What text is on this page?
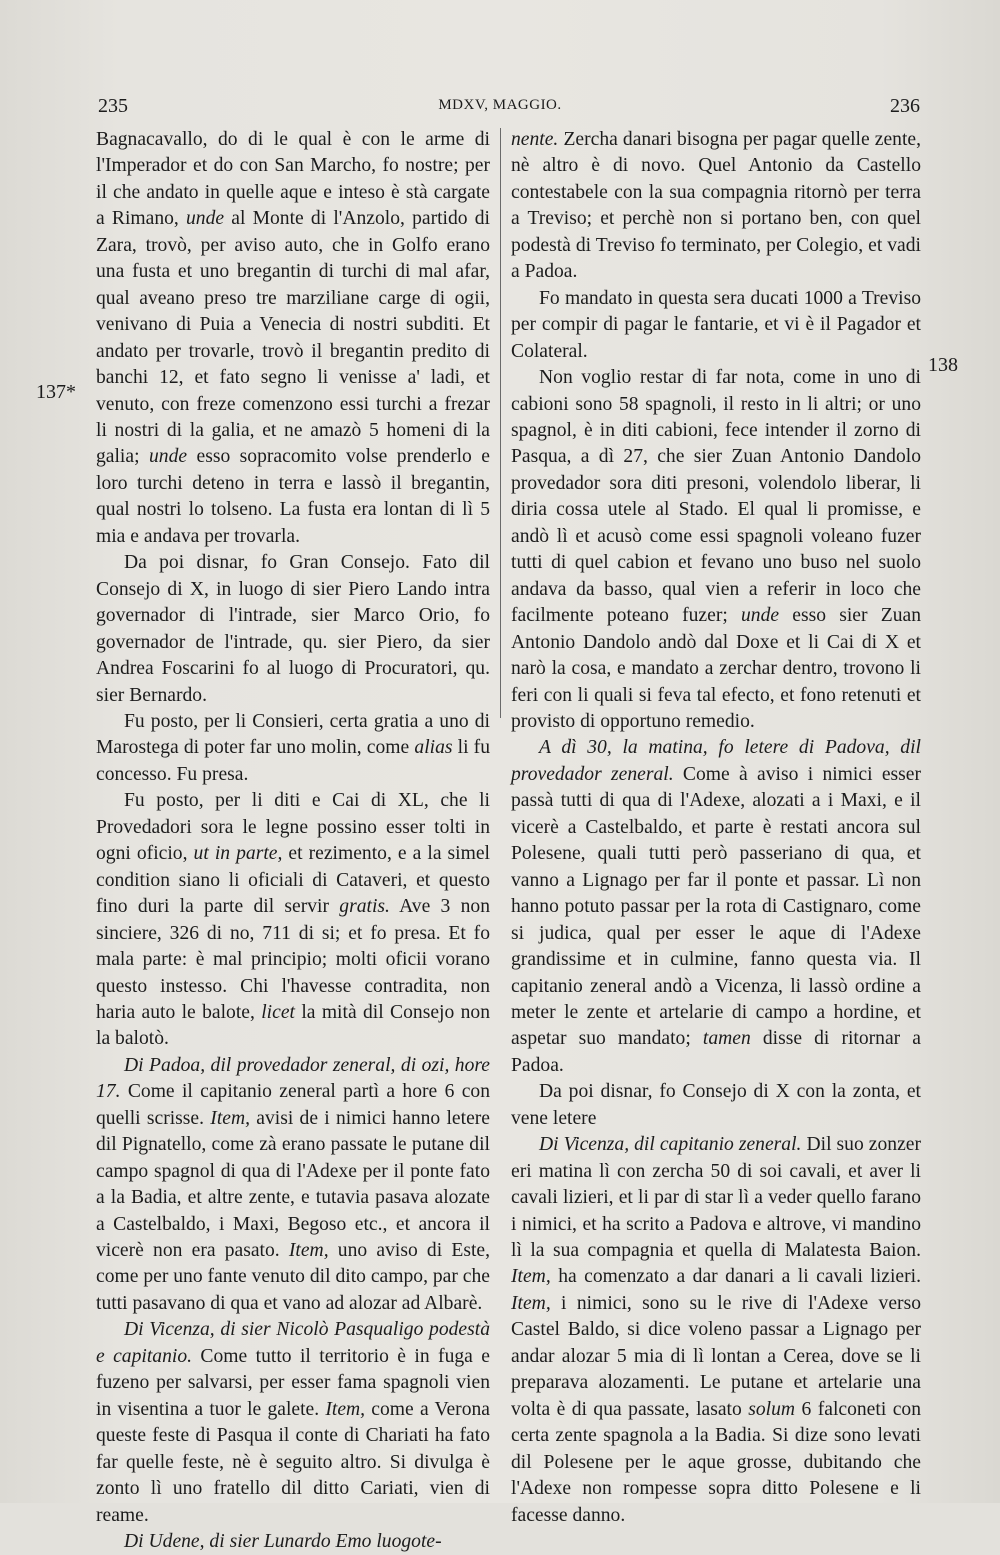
235	MDXV, MAGGIO.	236
137*
138

Bagnacavallo, do di le qual è con le arme di l'Imperador et do con San Marcho, fo nostre; per il che andato in quelle aque e inteso è stà cargate a Rimano, unde al Monte di l'Anzolo, partido di Zara, trovò, per aviso auto, che in Golfo erano una fusta et uno bregantin di turchi di mal afar, qual aveano preso tre marziliane carge di ogii, venivano di Puia a Venecia di nostri subditi. Et andato per trovarle, trovò il bregantin predito di banchi 12, et fato segno li venisse a' ladi, et venuto, con freze comenzono essi turchi a frezar li nostri di la galia, et ne amazò 5 homeni di la galia; unde esso sopracomito volse prenderlo e loro turchi deteno in terra e lassò il bregantin, qual nostri lo tolseno. La fusta era lontan di lì 5 mia e andava per trovarla.

Da poi disnar, fo Gran Consejo. Fato dil Consejo di X, in luogo di sier Piero Lando intra governador di l'intrade, sier Marco Orio, fo governador de l'intrade, qu. sier Piero, da sier Andrea Foscarini fo al luogo di Procuratori, qu. sier Bernardo.

Fu posto, per li Consieri, certa gratia a uno di Marostega di poter far uno molin, come alias li fu concesso. Fu presa.

Fu posto, per li diti e Cai di XL, che li Provedadori sora le legne possino esser tolti in ogni oficio, ut in parte, et rezimento, e a la simel condition siano li oficiali di Cataveri, et questo fino duri la parte dil servir gratis. Ave 3 non sinciere, 326 di no, 711 di si; et fo presa. Et fo mala parte: è mal principio; molti oficii vorano questo instesso. Chi l'havesse contradita, non haria auto le balote, licet la mità dil Consejo non la balotò.

Di Padoa, dil provedador zeneral, di ozi, hore 17. Come il capitanio zeneral partì a hore 6 con quelli scrisse. Item, avisi de i nimici hanno letere dil Pignatello, come zà erano passate le putane dil campo spagnol di qua di l'Adexe per il ponte fato a la Badia, et altre zente, e tutavia pasava alozate a Castelbaldo, i Maxi, Begoso etc., et ancora il vicerè non era pasato. Item, uno aviso di Este, come per uno fante venuto dil dito campo, par che tutti pasavano di qua et vano ad alozar ad Albarè.

Di Vicenza, di sier Nicolò Pasqualigo podestà e capitanio. Come tutto il territorio è in fuga e fuzeno per salvarsi, per esser fama spagnoli vien in visentina a tuor le galete. Item, come a Verona queste feste di Pasqua il conte di Chariati ha fato far quelle feste, nè è seguito altro. Si divulga è zonto lì uno fratello dil ditto Cariati, vien di reame.

Di Udene, di sier Lunardo Emo luogote-

nente. Zercha danari bisogna per pagar quelle zente, nè altro è di novo. Quel Antonio da Castello contestabele con la sua compagnia ritornò per terra a Treviso; et perchè non si portano ben, con quel podestà di Treviso fo terminato, per Colegio, et vadi a Padoa.

Fo mandato in questa sera ducati 1000 a Treviso per compir di pagar le fantarie, et vi è il Pagador et Colateral.

Non voglio restar di far nota, come in uno di cabioni sono 58 spagnoli, il resto in li altri; or uno spagnol, è in diti cabioni, fece intender il zorno di Pasqua, a dì 27, che sier Zuan Antonio Dandolo provedador sora diti presoni, volendolo liberar, li diria cossa utele al Stado. El qual li promisse, e andò lì et acusò come essi spagnoli voleano fuzer tutti di quel cabion et fevano uno buso nel suolo andava da basso, qual vien a referir in loco che facilmente poteano fuzer; unde esso sier Zuan Antonio Dandolo andò dal Doxe et li Cai di X et narò la cosa, e mandato a zerchar dentro, trovono li feri con li quali si feva tal efecto, et fono retenuti et provisto di opportuno remedio.

A dì 30, la matina, fo letere di Padova, dil provedador zeneral. Come à aviso i nimici esser passà tutti di qua di l'Adexe, alozati a i Maxi, e il vicerè a Castelbaldo, et parte è restati ancora sul Polesene, quali tutti però passeriano di qua, et vanno a Lignago per far il ponte et passar. Lì non hanno potuto passar per la rota di Castignaro, come si judica, qual per esser le aque di l'Adexe grandissime et in culmine, fanno questa via. Il capitanio zeneral andò a Vicenza, li lassò ordine a meter le zente et artelarie di campo a hordine, et aspetar suo mandato; tamen disse di ritornar a Padoa.

Da poi disnar, fo Consejo di X con la zonta, et vene letere

Di Vicenza, dil capitanio zeneral. Dil suo zonzer eri matina lì con zercha 50 di soi cavali, et aver li cavali lizieri, et li par di star lì a veder quello farano i nimici, et ha scrito a Padova e altrove, vi mandino lì la sua compagnia et quella di Malatesta Baion. Item, ha comenzato a dar danari a li cavali lizieri. Item, i nimici, sono su le rive di l'Adexe verso Castel Baldo, si dice voleno passar a Lignago per andar alozar 5 mia di lì lontan a Cerea, dove se li preparava alozamenti. Le putane et artelarie una volta è di qua passate, lasato solum 6 falconeti con certa zente spagnola a la Badia. Si dize sono levati dil Polesene per le aque grosse, dubitando che l'Adexe non rompesse sopra ditto Polesene e li facesse danno.
